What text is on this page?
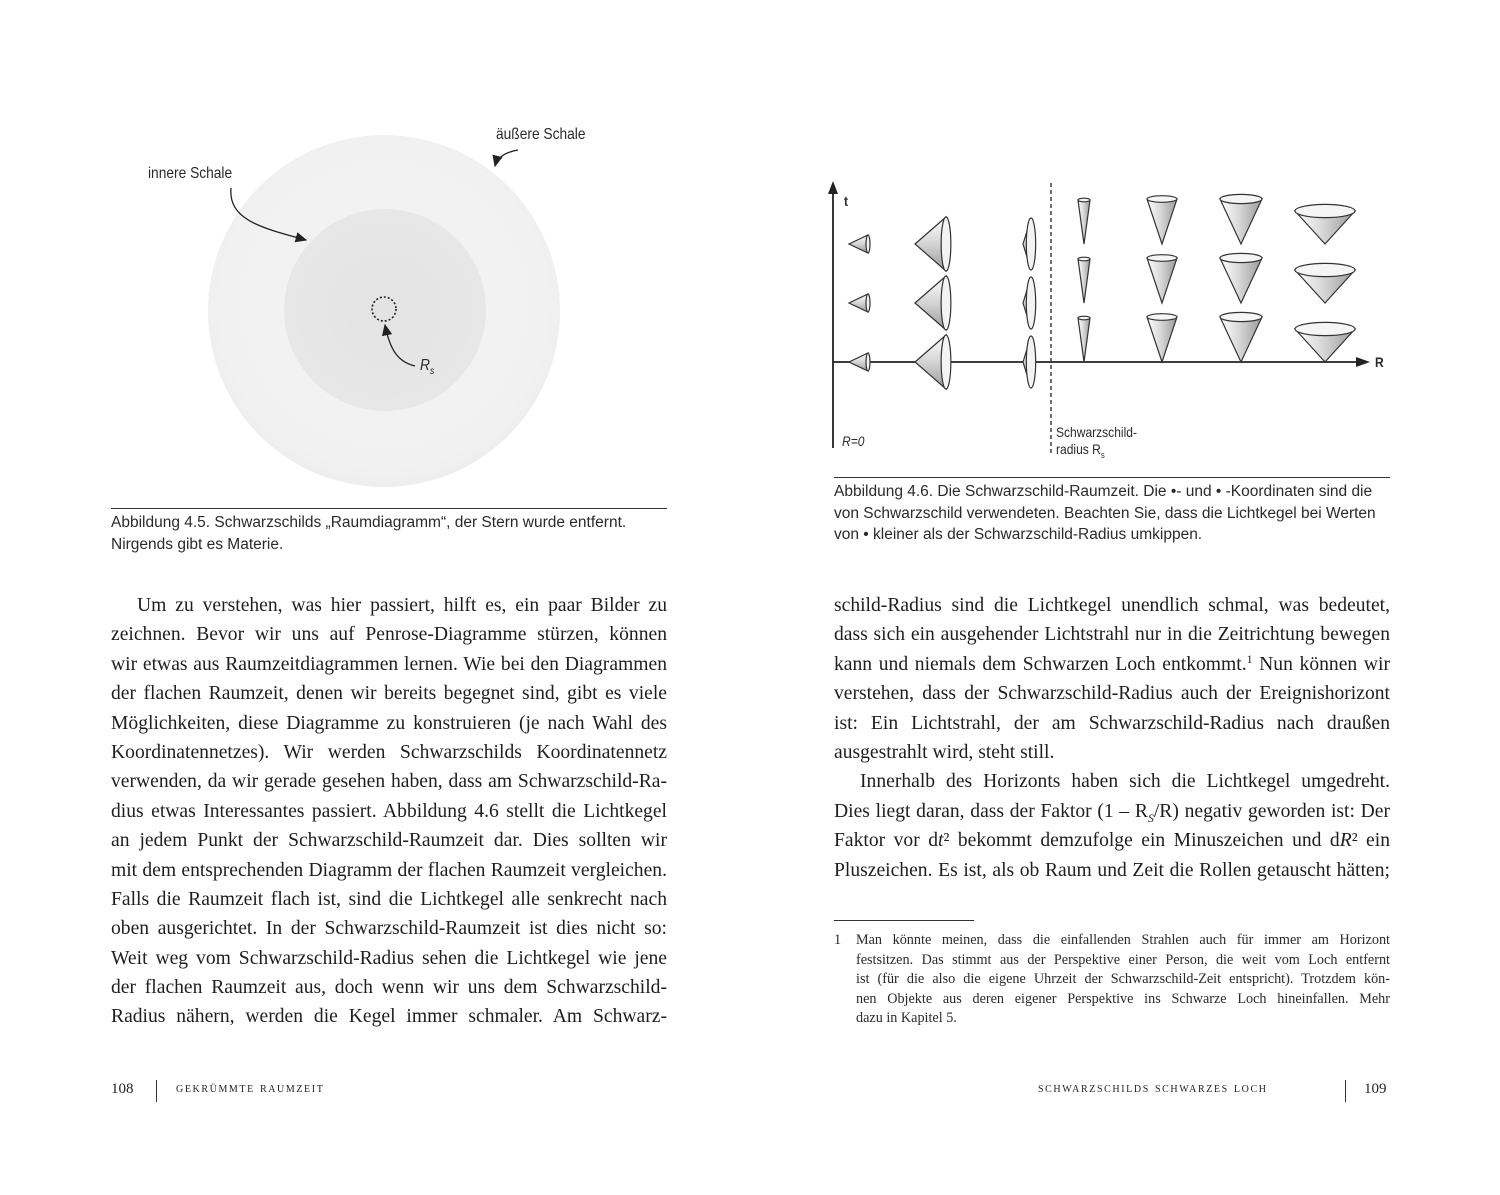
äußere Schale
innere Schale
$R_s$
Abbildung 4.5. Schwarzschilds „Raumdiagramm“, der Stern wurde entfernt.
Nirgends gibt es Materie.
Um zu verstehen, was hier passiert, hilft es, ein paar Bilder zu
zeichnen. Bevor wir uns auf Penrose-Diagramme stürzen, können
wir etwas aus Raumzeitdiagrammen lernen. Wie bei den Diagrammen
der flachen Raumzeit, denen wir bereits begegnet sind, gibt es viele
Möglichkeiten, diese Diagramme zu konstruieren (je nach Wahl des
Koordinatennetzes). Wir werden Schwarzschilds Koordinatennetz
verwenden, da wir gerade gesehen haben, dass am Schwarzschild-Ra-
dius etwas Interessantes passiert. Abbildung 4.6 stellt die Lichtkegel
an jedem Punkt der Schwarzschild-Raumzeit dar. Dies sollten wir
mit dem entsprechenden Diagramm der flachen Raumzeit vergleichen.
Falls die Raumzeit flach ist, sind die Lichtkegel alle senkrecht nach
oben ausgerichtet. In der Schwarzschild-Raumzeit ist dies nicht so:
Weit weg vom Schwarzschild-Radius sehen die Lichtkegel wie jene
der flachen Raumzeit aus, doch wenn wir uns dem Schwarzschild-
Radius nähern, werden die Kegel immer schmaler. Am Schwarz-
108	gekrümmte raumzeit
t
R
R=0
Schwarzschild-
radius $R_s$
Abbildung 4.6. Die Schwarzschild-Raumzeit. Die •- und • -Koordinaten sind die
von Schwarzschild verwendeten. Beachten Sie, dass die Lichtkegel bei Werten
von • kleiner als der Schwarzschild-Radius umkippen.
schild-Radius sind die Lichtkegel unendlich schmal, was bedeutet,
dass sich ein ausgehender Lichtstrahl nur in die Zeitrichtung bewegen
kann und niemals dem Schwarzen Loch entkommt.$^1$ Nun können wir
verstehen, dass der Schwarzschild-Radius auch der Ereignishorizont
ist: Ein Lichtstrahl, der am Schwarzschild-Radius nach draußen
ausgestrahlt wird, steht still.
Innerhalb des Horizonts haben sich die Lichtkegel umgedreht.
Dies liegt daran, dass der Faktor $(1 - R_S/R)$ negativ geworden ist: Der
Faktor vor dt² bekommt demzufolge ein Minuszeichen und dR² ein
Pluszeichen. Es ist, als ob Raum und Zeit die Rollen getauscht hätten;
1 Man könnte meinen, dass die einfallenden Strahlen auch für immer am Horizont
festsitzen. Das stimmt aus der Perspektive einer Person, die weit vom Loch entfernt
ist (für die also die eigene Uhrzeit der Schwarzschild-Zeit entspricht). Trotzdem kön-
nen Objekte aus deren eigener Perspektive ins Schwarze Loch hineinfallen. Mehr
dazu in Kapitel 5.
schwarzschilds schwarzes loch	109
